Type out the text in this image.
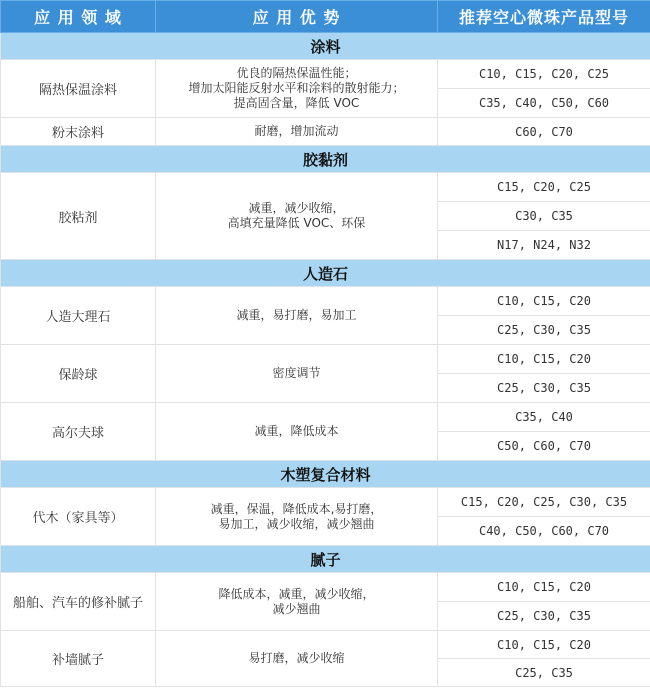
应 用 领 域	应 用 优 势	推荐空心微珠产品型号
涂料		
隔热保温涂料	优良的隔热保温性能；
增加太阳能反射水平和涂料的散射能力；
提高固含量，降低 VOC	C10, C15, C20, C25
		C35, C40, C50, C60
粉末涂料	耐磨，增加流动	C60, C70
胶黏剂		
胶粘剂	减重，减少收缩，
高填充量降低 VOC、环保	C15, C20, C25
		C30, C35
		N17, N24, N32
人造石		
人造大理石	减重，易打磨，易加工	C10, C15, C20
		C25, C30, C35
保龄球	密度调节	C10, C15, C20
		C25, C30, C35
高尔夫球	减重，降低成本	C35, C40
		C50, C60, C70
木塑复合材料		
代木（家具等）	减重，保温，降低成本,易打磨，
易加工，减少收缩，减少翘曲	C15, C20, C25, C30, C35
		C40, C50, C60, C70
腻子		
船舶、汽车的修补腻子	降低成本，减重，减少收缩，
减少翘曲	C10, C15, C20
		C25, C30, C35
补墙腻子	易打磨，减少收缩	C10, C15, C20
		C25, C35
